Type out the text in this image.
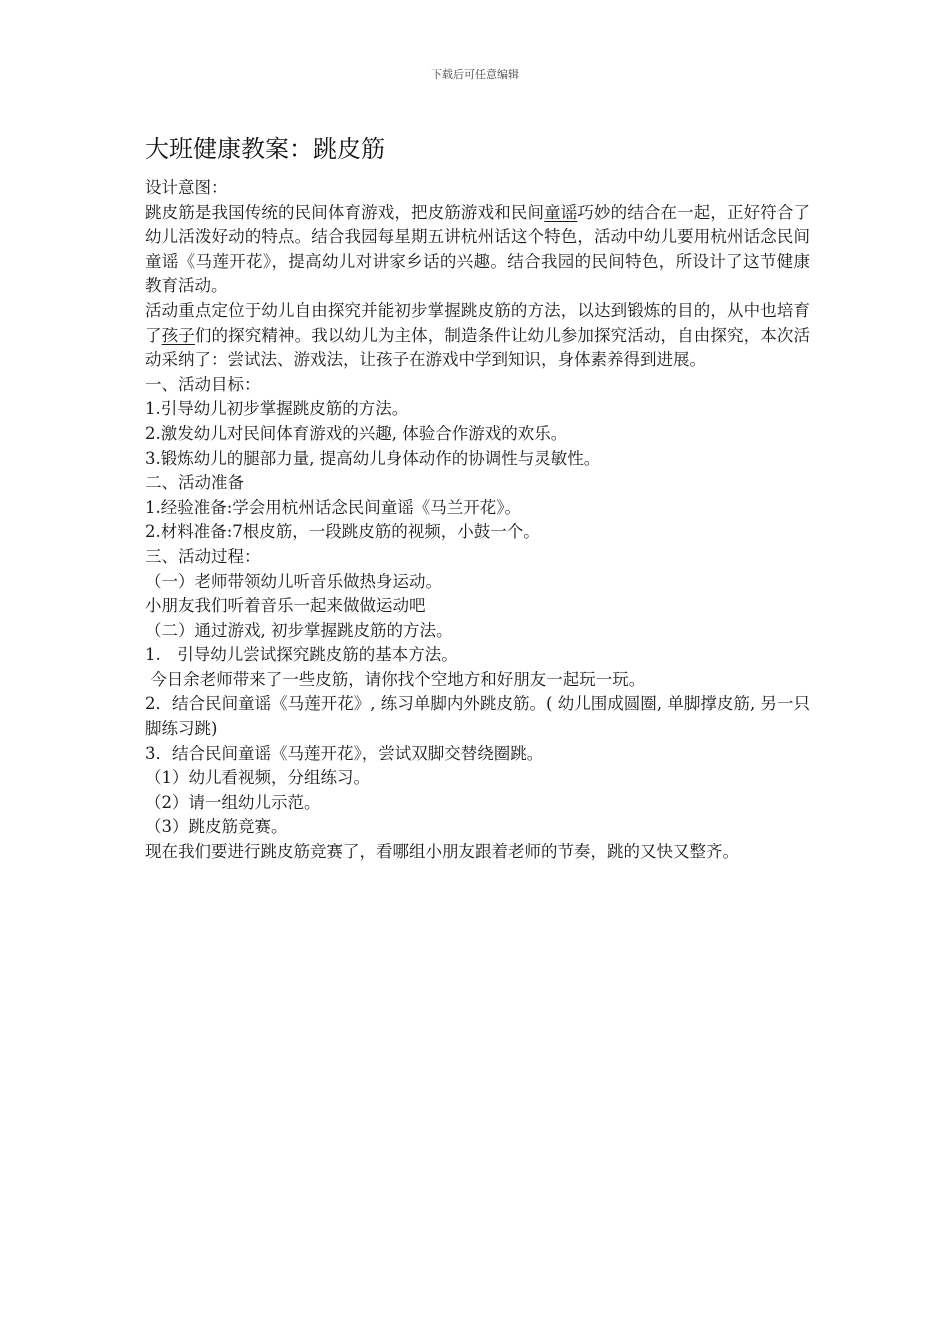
下载后可任意编辑
大班健康教案：跳皮筋

设计意图：

跳皮筋是我国传统的民间体育游戏，把皮筋游戏和民间童谣巧妙的结合在一起，正好符合了幼儿活泼好动的特点。结合我园每星期五讲杭州话这个特色，活动中幼儿要用杭州话念民间童谣《马莲开花》，提高幼儿对讲家乡话的兴趣。结合我园的民间特色，所设计了这节健康教育活动。

活动重点定位于幼儿自由探究并能初步掌握跳皮筋的方法，以达到锻炼的目的，从中也培育了孩子们的探究精神。我以幼儿为主体，制造条件让幼儿参加探究活动，自由探究，本次活动采纳了：尝试法、游戏法，让孩子在游戏中学到知识，身体素养得到进展。

一、活动目标：

1.引导幼儿初步掌握跳皮筋的方法。

2.激发幼儿对民间体育游戏的兴趣, 体验合作游戏的欢乐。

3.锻炼幼儿的腿部力量, 提高幼儿身体动作的协调性与灵敏性。

二、活动准备

1.经验准备:学会用杭州话念民间童谣《马兰开花》。

2.材料准备:7根皮筋，一段跳皮筋的视频，小鼓一个。

三、活动过程：

（一）老师带领幼儿听音乐做热身运动。

小朋友我们听着音乐一起来做做运动吧

（二）通过游戏, 初步掌握跳皮筋的方法。

1.　引导幼儿尝试探究跳皮筋的基本方法。

今日余老师带来了一些皮筋，请你找个空地方和好朋友一起玩一玩。

2．结合民间童谣《马莲开花》, 练习单脚内外跳皮筋。( 幼儿围成圆圈, 单脚撑皮筋, 另一只脚练习跳)

3．结合民间童谣《马莲开花》，尝试双脚交替绕圈跳。

（1）幼儿看视频，分组练习。

（2）请一组幼儿示范。

（3）跳皮筋竞赛。

现在我们要进行跳皮筋竞赛了，看哪组小朋友跟着老师的节奏，跳的又快又整齐。
